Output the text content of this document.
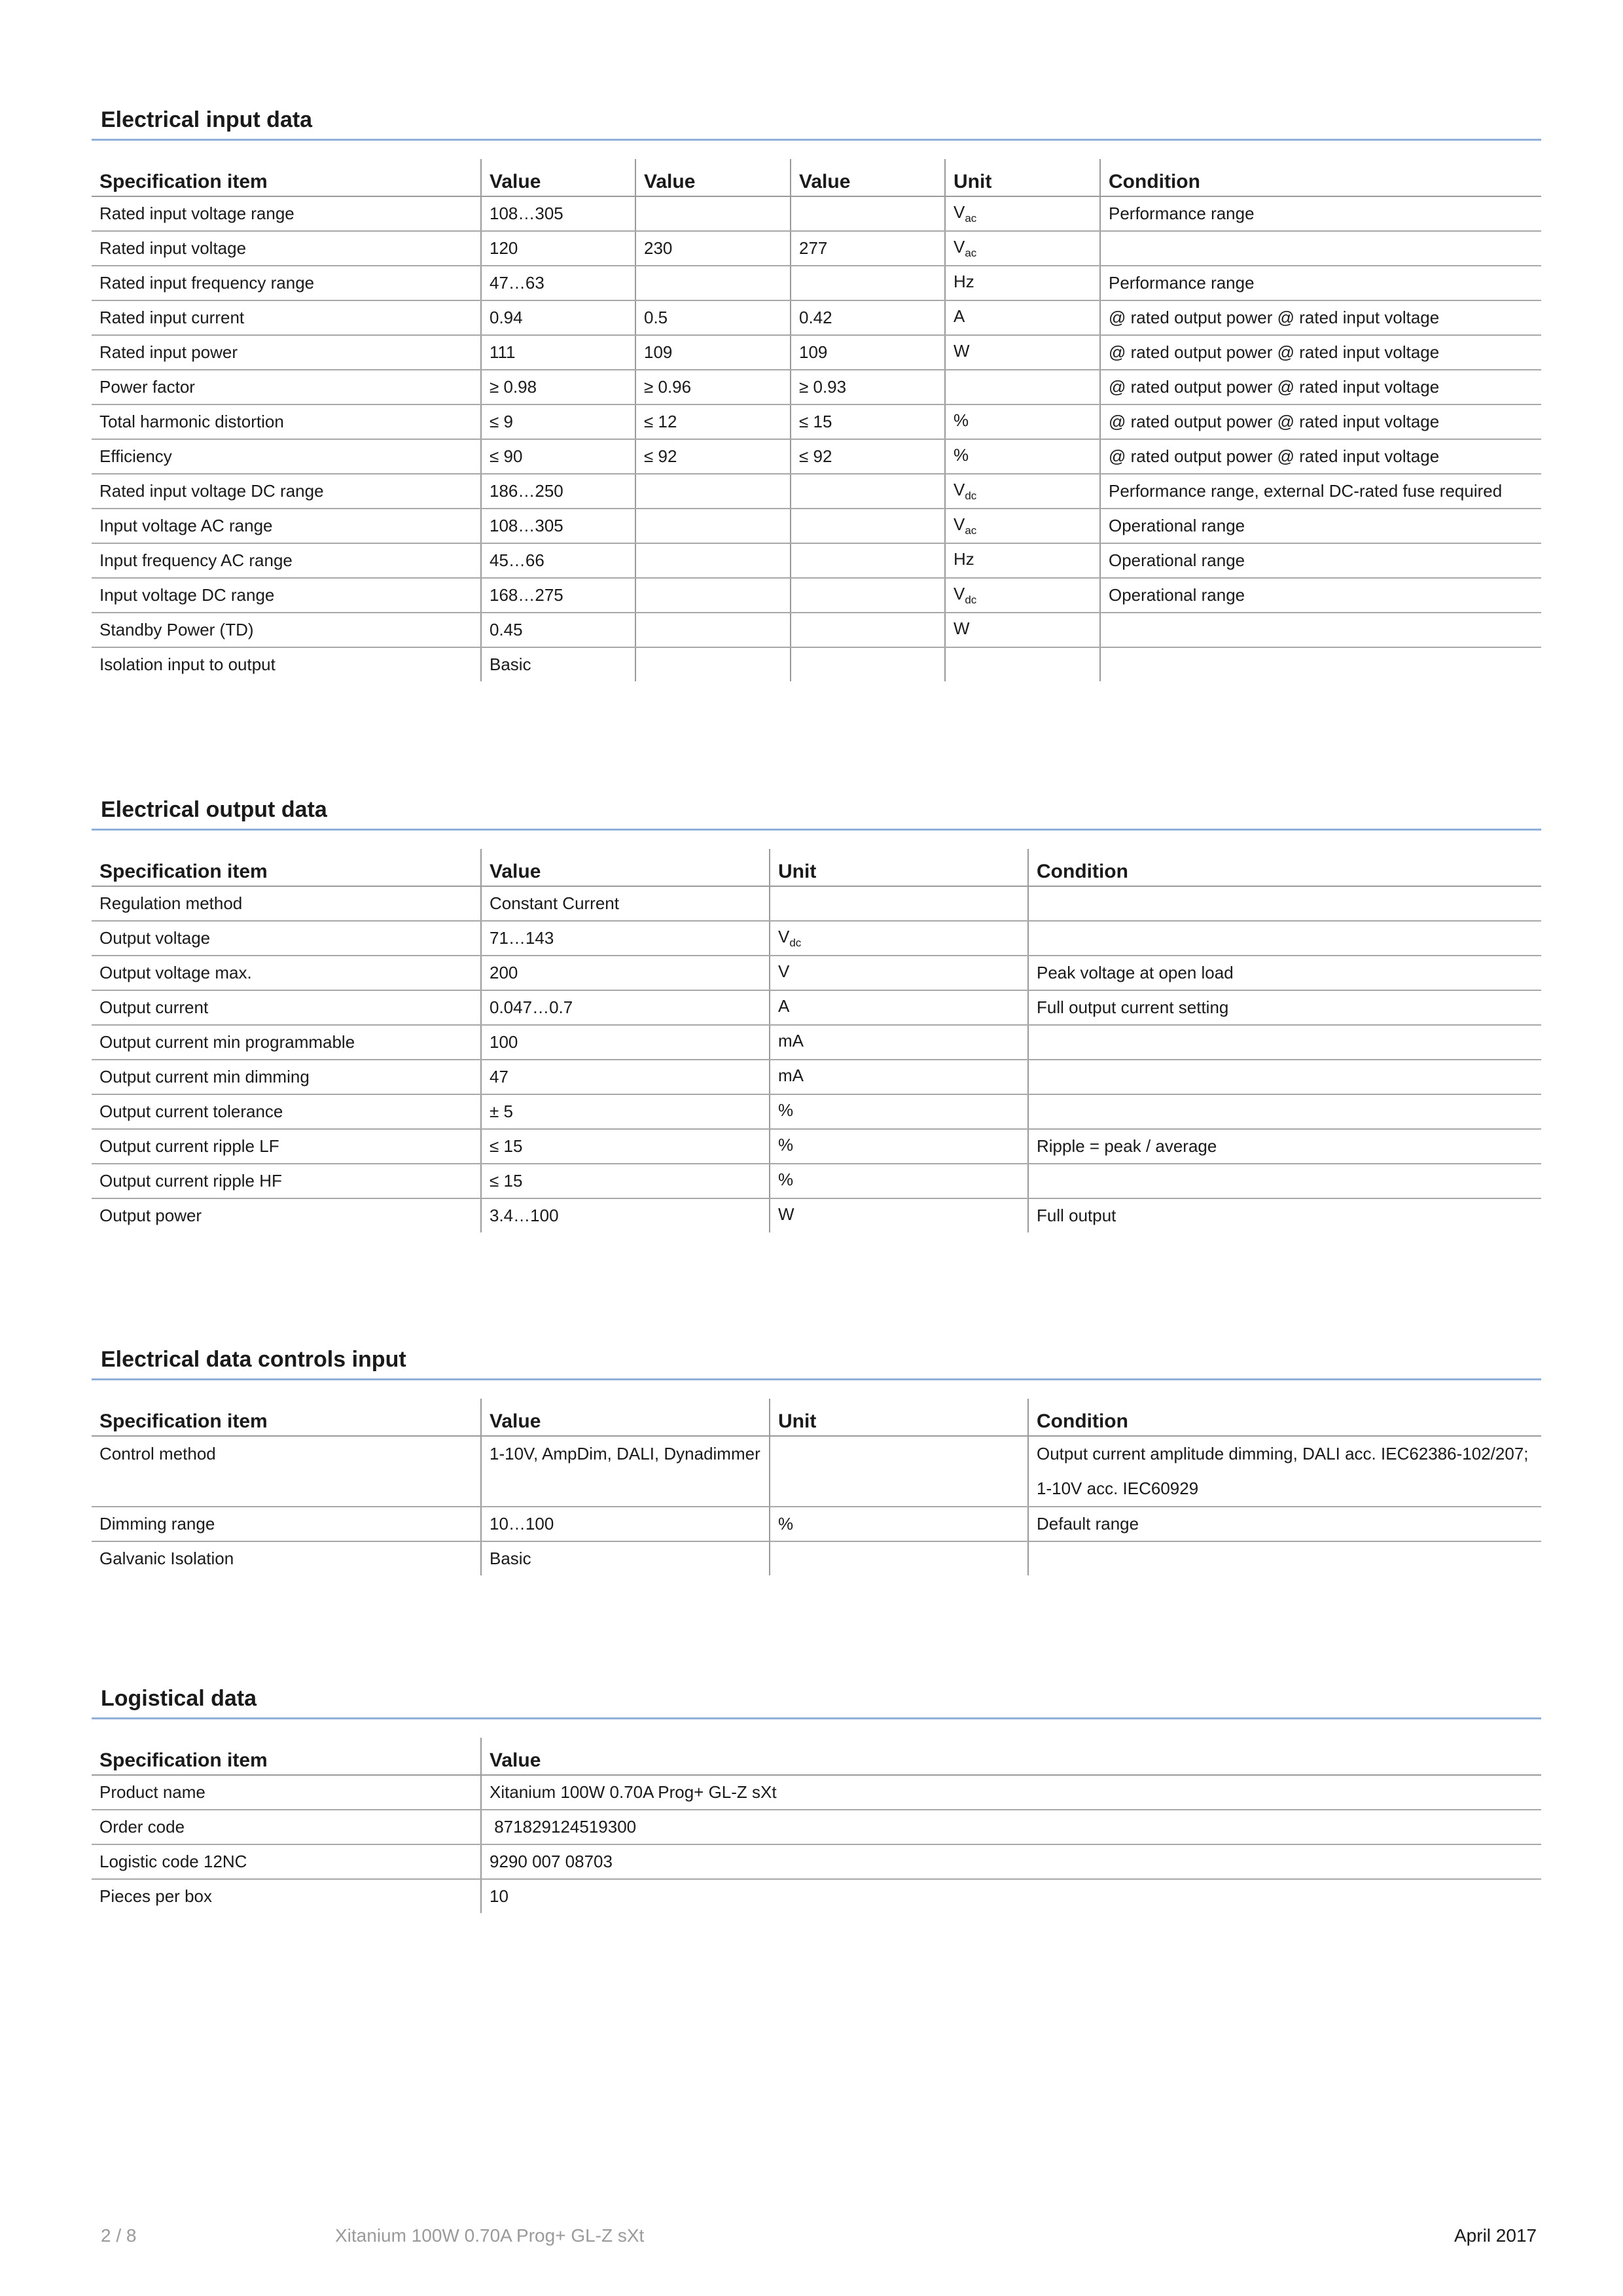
Electrical input data
Specification item	Value	Value	Value	Unit	Condition
Rated input voltage range	108…305			$V_{ac}$	Performance range
Rated input voltage	120	230	277	$V_{ac}$	
Rated input frequency range	47…63			Hz	Performance range
Rated input current	0.94	0.5	0.42	A	@ rated output power @ rated input voltage
Rated input power	111	109	109	W	@ rated output power @ rated input voltage
Power factor	≥ 0.98	≥ 0.96	≥ 0.93		@ rated output power @ rated input voltage
Total harmonic distortion	≤ 9	≤ 12	≤ 15	%	@ rated output power @ rated input voltage
Efficiency	≤ 90	≤ 92	≤ 92	%	@ rated output power @ rated input voltage
Rated input voltage DC range	186…250			$V_{dc}$	Performance range, external DC-rated fuse required
Input voltage AC range	108…305			$V_{ac}$	Operational range
Input frequency AC range	45…66			Hz	Operational range
Input voltage DC range	168…275			$V_{dc}$	Operational range
Standby Power (TD)	0.45			W	
Isolation input to output	Basic				
Electrical output data
Specification item	Value	Unit	Condition
Regulation method	Constant Current		
Output voltage	71…143	$V_{dc}$	
Output voltage max.	200	V	Peak voltage at open load
Output current	0.047…0.7	A	Full output current setting
Output current min programmable	100	mA	
Output current min dimming	47	mA	
Output current tolerance	± 5	%	
Output current ripple LF	≤ 15	%	Ripple = peak / average
Output current ripple HF	≤ 15	%	
Output power	3.4…100	W	Full output
Electrical data controls input
Specification item	Value	Unit	Condition
Control method	1-10V, AmpDim, DALI, Dynadimmer		Output current amplitude dimming, DALI acc. IEC62386-102/207;
1-10V acc. IEC60929

Dimming range	10…100	%	Default range
Galvanic Isolation	Basic		
Logistical data
Specification item	Value
Product name	Xitanium 100W 0.70A Prog+ GL-Z sXt
Order code	871829124519300
Logistic code 12NC	9290 007 08703
Pieces per box	10
2 / 8	Xitanium 100W 0.70A Prog+ GL-Z sXt	April 2017
